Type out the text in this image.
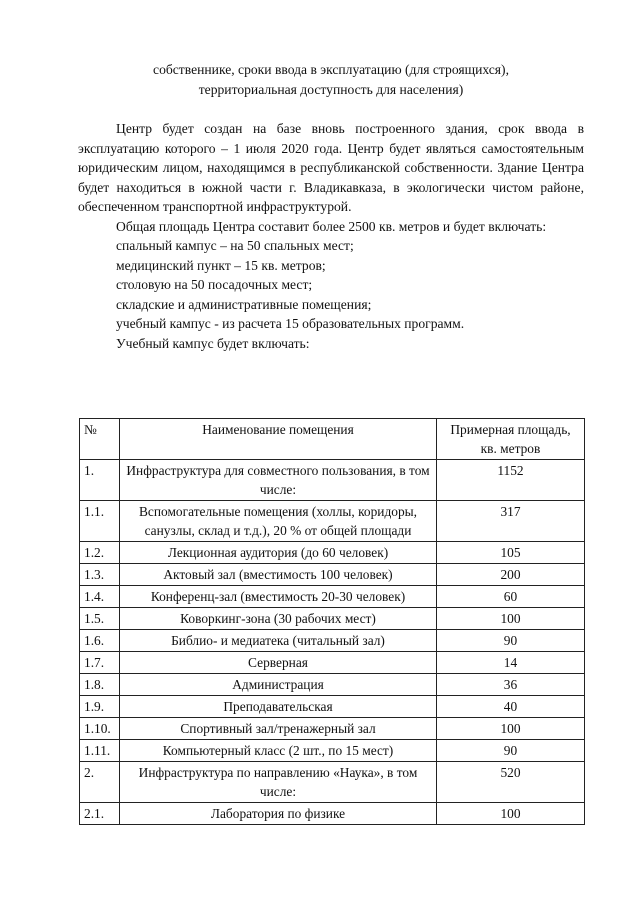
собственнике, сроки ввода в эксплуатацию (для строящихся),
территориальная доступность для населения)

Центр будет создан на базе вновь построенного здания, срок ввода в эксплуатацию которого – 1 июля 2020 года. Центр будет являться самостоятельным юридическим лицом, находящимся в республиканской собственности. Здание Центра будет находиться в южной части г. Владикавказа, в экологически чистом районе, обеспеченном транспортной инфраструктурой.

Общая площадь Центра составит более 2500 кв. метров и будет включать:

спальный кампус – на 50 спальных мест;
медицинский пункт – 15 кв. метров;
столовую на 50 посадочных мест;
складские и административные помещения;
учебный кампус - из расчета 15 образовательных программ.

Учебный кампус будет включать:

№	Наименование помещения	Примерная площадь, кв. метров
1.	Инфраструктура для совместного пользования, в том числе:	1152
1.1.	Вспомогательные помещения (холлы, коридоры, санузлы, склад и т.д.), 20 % от общей площади	317
1.2.	Лекционная аудитория (до 60 человек)	105
1.3.	Актовый зал (вместимость 100 человек)	200
1.4.	Конференц-зал (вместимость 20-30 человек)	60
1.5.	Коворкинг-зона (30 рабочих мест)	100
1.6.	Библио- и медиатека (читальный зал)	90
1.7.	Серверная	14
1.8.	Администрация	36
1.9.	Преподавательская	40
1.10.	Спортивный зал/тренажерный зал	100
1.11.	Компьютерный класс (2 шт., по 15 мест)	90
2.	Инфраструктура по направлению «Наука», в том числе:	520
2.1.	Лаборатория по физике	100
